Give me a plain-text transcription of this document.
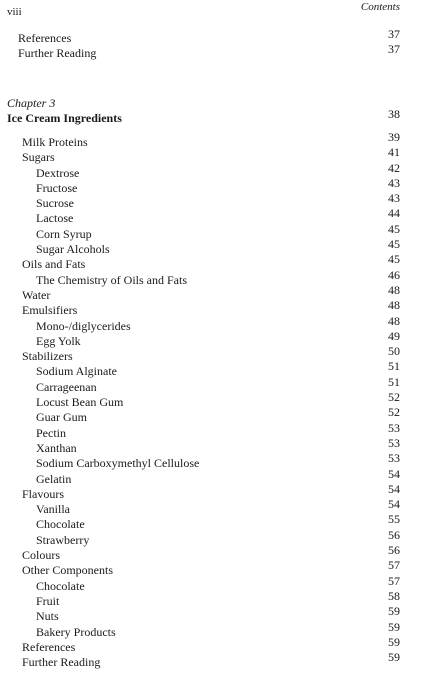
viii	Contents
References	37
Further Reading	37
Chapter 3
Ice Cream Ingredients	38
Milk Proteins	39
Sugars	41
Dextrose	42
Fructose	43
Sucrose	43
Lactose	44
Corn Syrup	45
Sugar Alcohols	45
Oils and Fats	45
The Chemistry of Oils and Fats	46
Water	48
Emulsifiers	48
Mono-/diglycerides	48
Egg Yolk	49
Stabilizers	50
Sodium Alginate	51
Carrageenan	51
Locust Bean Gum	52
Guar Gum	52
Pectin	53
Xanthan	53
Sodium Carboxymethyl Cellulose	53
Gelatin	54
Flavours	54
Vanilla	54
Chocolate	55
Strawberry	56
Colours	56
Other Components	57
Chocolate	57
Fruit	58
Nuts	59
Bakery Products	59
References	59
Further Reading	59
